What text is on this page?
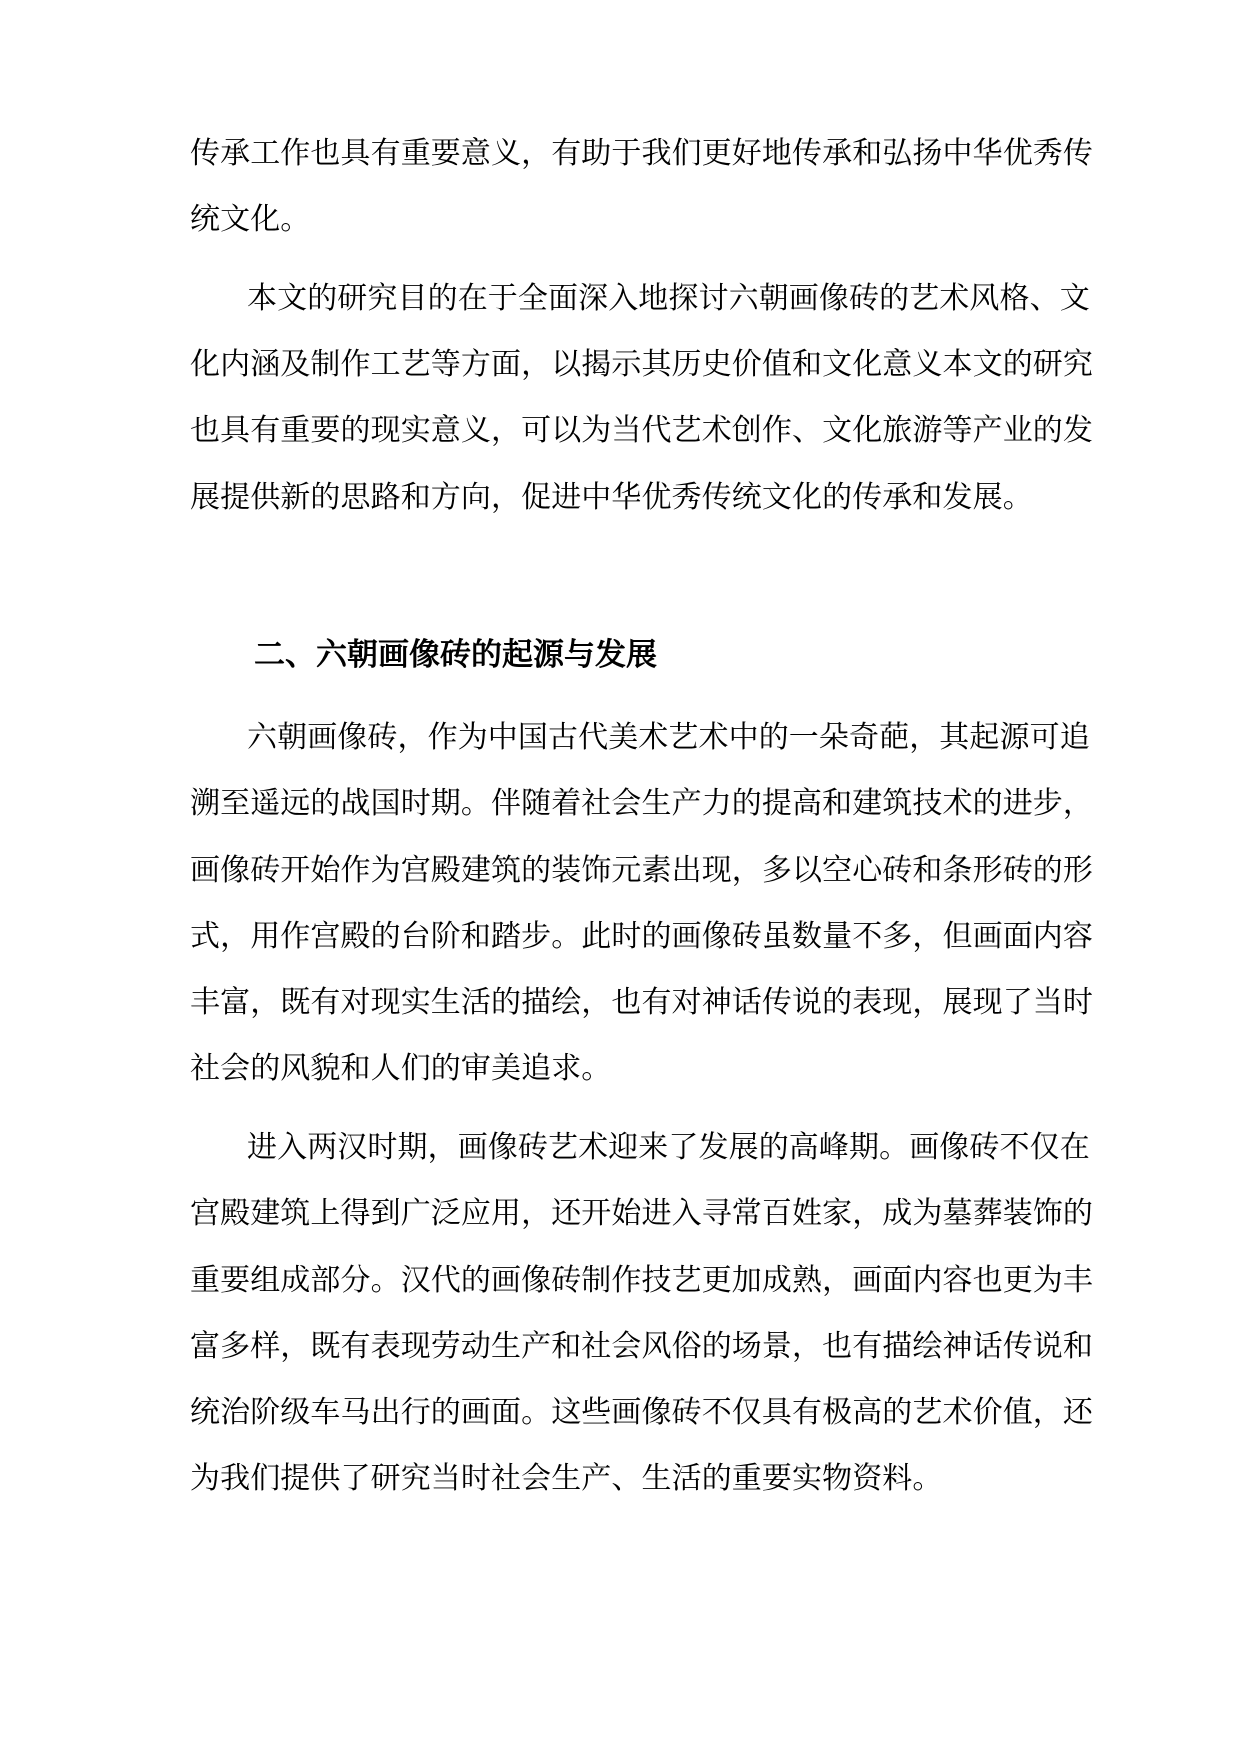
传承工作也具有重要意义，有助于我们更好地传承和弘扬中华优秀传
统文化。
本文的研究目的在于全面深入地探讨六朝画像砖的艺术风格、文
化内涵及制作工艺等方面，以揭示其历史价值和文化意义本文的研究
也具有重要的现实意义，可以为当代艺术创作、文化旅游等产业的发
展提供新的思路和方向，促进中华优秀传统文化的传承和发展。
二、六朝画像砖的起源与发展
六朝画像砖，作为中国古代美术艺术中的一朵奇葩，其起源可追
溯至遥远的战国时期。伴随着社会生产力的提高和建筑技术的进步，
画像砖开始作为宫殿建筑的装饰元素出现，多以空心砖和条形砖的形
式，用作宫殿的台阶和踏步。此时的画像砖虽数量不多，但画面内容
丰富，既有对现实生活的描绘，也有对神话传说的表现，展现了当时
社会的风貌和人们的审美追求。
进入两汉时期，画像砖艺术迎来了发展的高峰期。画像砖不仅在
宫殿建筑上得到广泛应用，还开始进入寻常百姓家，成为墓葬装饰的
重要组成部分。汉代的画像砖制作技艺更加成熟，画面内容也更为丰
富多样，既有表现劳动生产和社会风俗的场景，也有描绘神话传说和
统治阶级车马出行的画面。这些画像砖不仅具有极高的艺术价值，还
为我们提供了研究当时社会生产、生活的重要实物资料。
